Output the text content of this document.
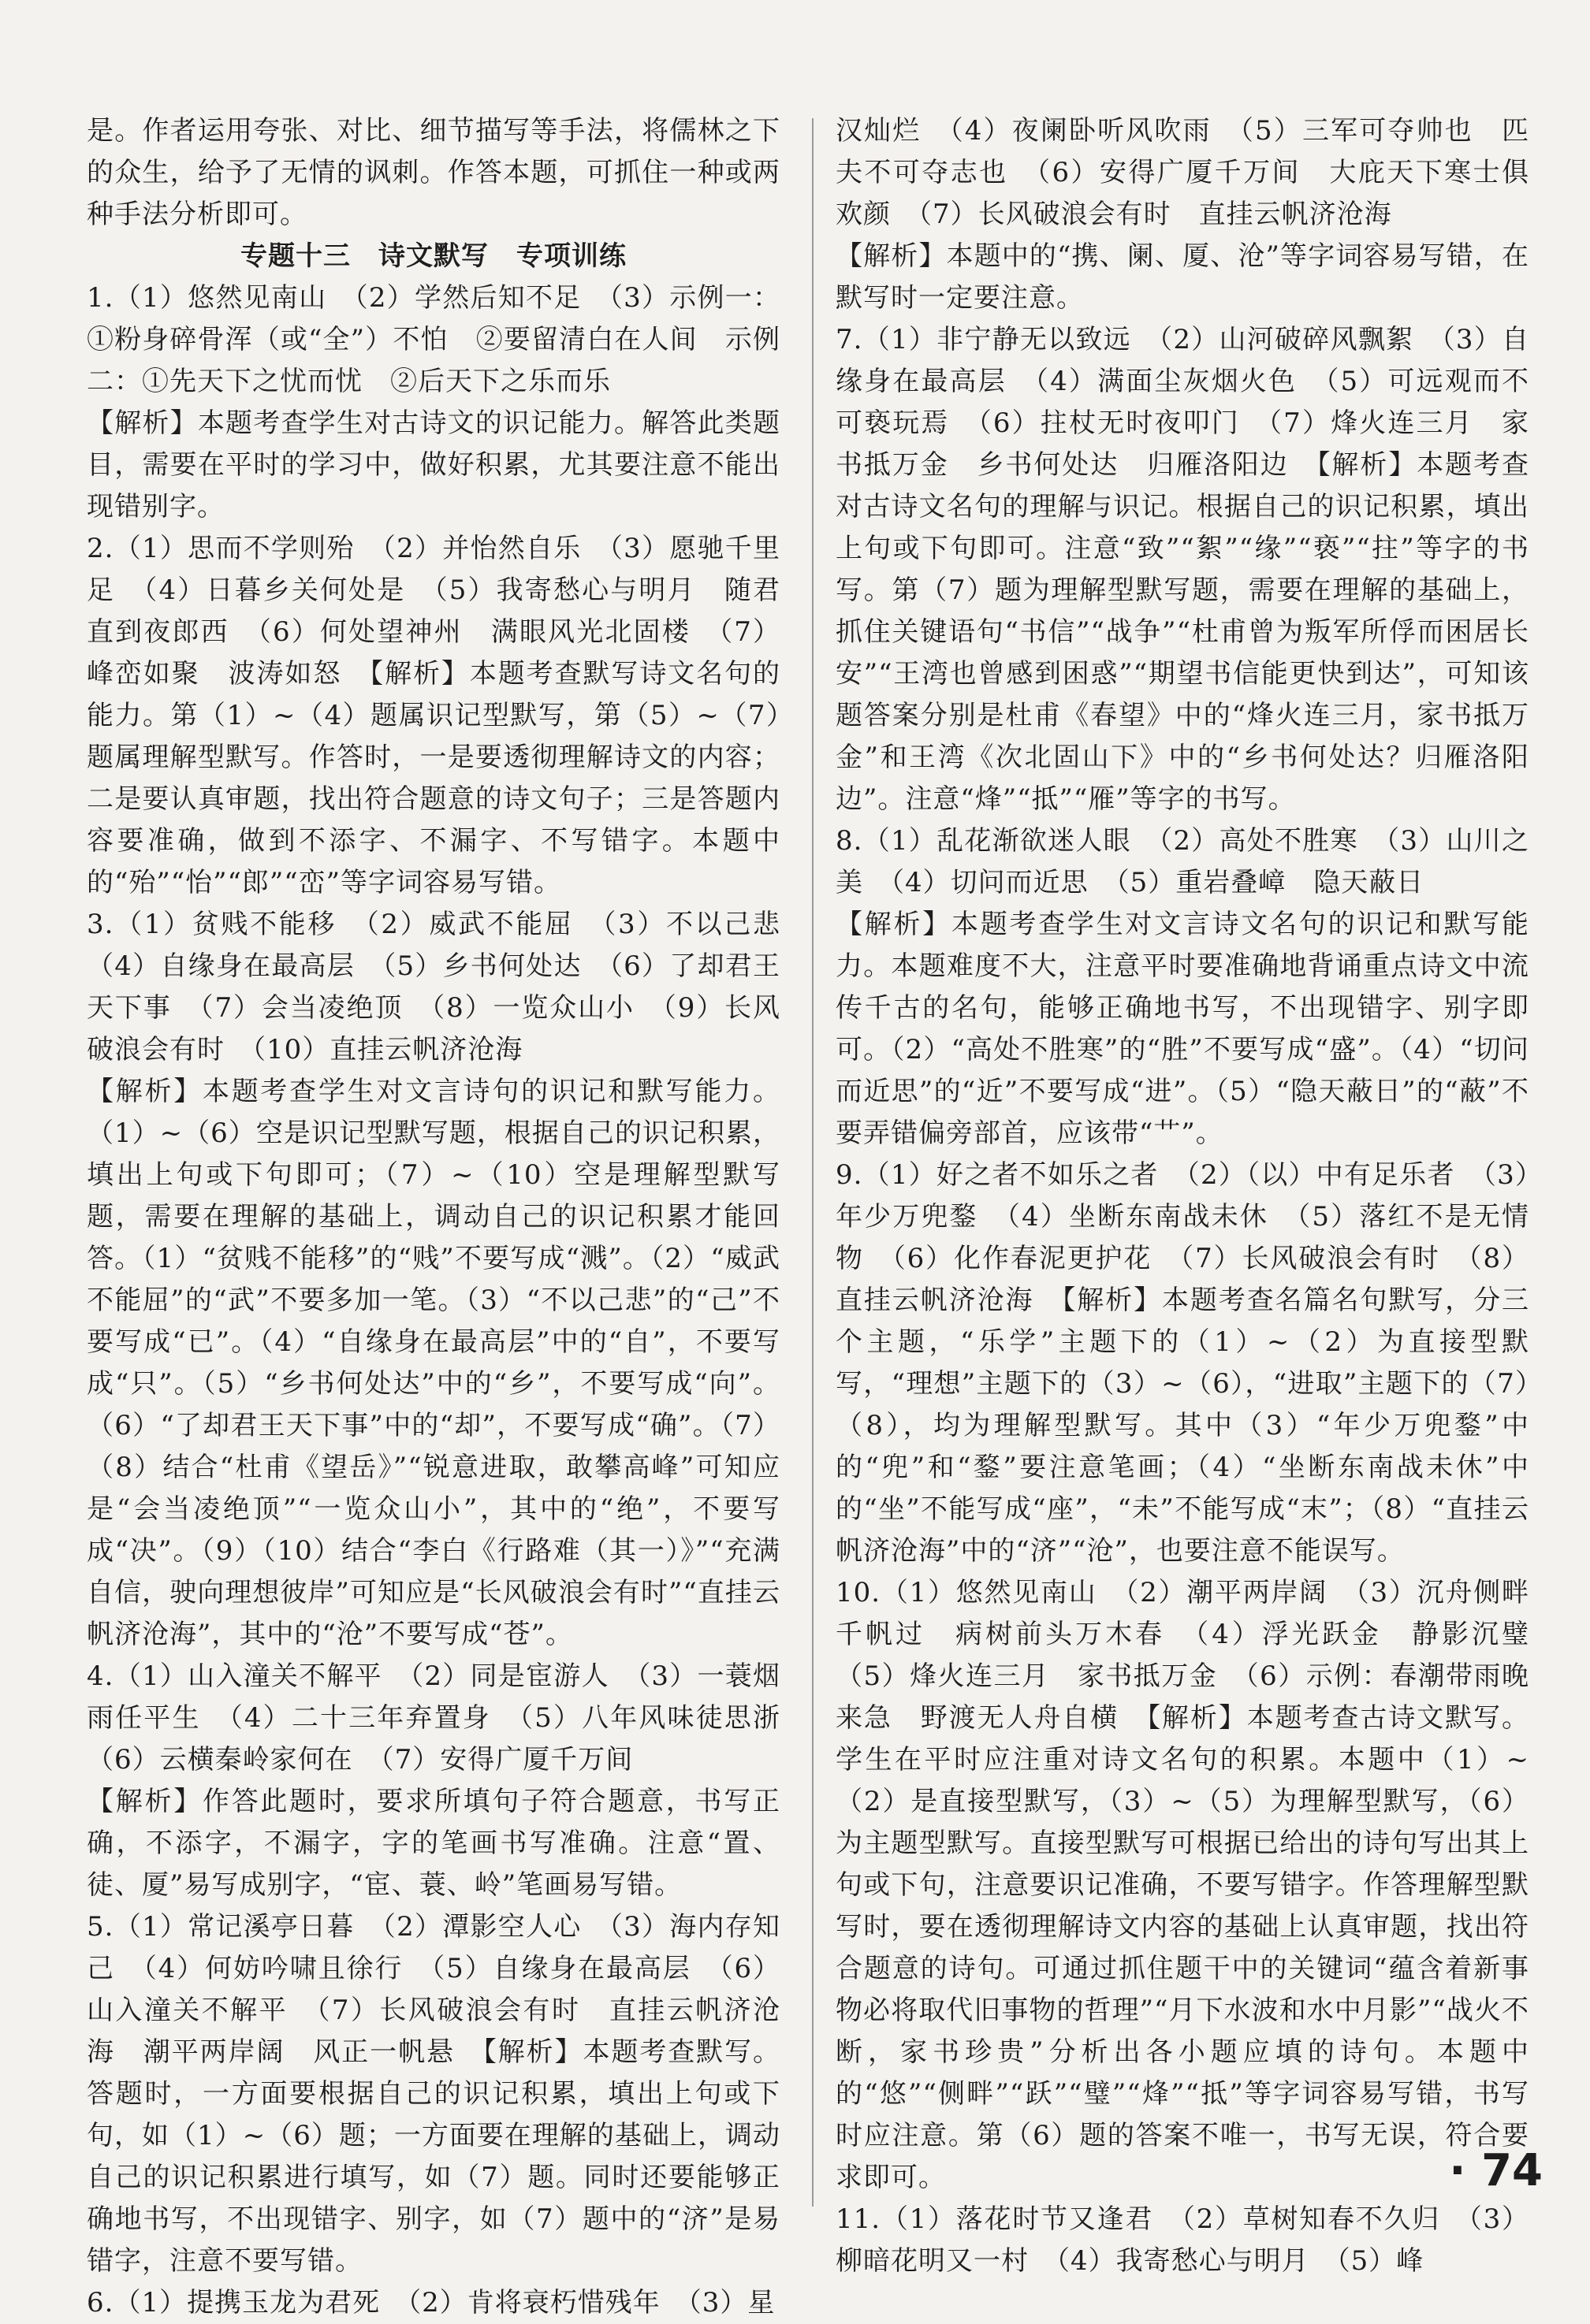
是。作者运用夸张、对比、细节描写等手法，将儒林之下的众生，给予了无情的讽刺。作答本题，可抓住一种或两种手法分析即可。

专题十三　诗文默写　专项训练

1.（1）悠然见南山　（2）学然后知不足　（3）示例一：①粉身碎骨浑（或“全”）不怕　②要留清白在人间　示例二：①先天下之忧而忧　②后天下之乐而乐

【解析】本题考查学生对古诗文的识记能力。解答此类题目，需要在平时的学习中，做好积累，尤其要注意不能出现错别字。

2.（1）思而不学则殆　（2）并怡然自乐　（3）愿驰千里足　（4）日暮乡关何处是　（5）我寄愁心与明月　随君直到夜郎西　（6）何处望神州　满眼风光北固楼　（7）峰峦如聚　波涛如怒　【解析】本题考查默写诗文名句的能力。第（1）~（4）题属识记型默写，第（5）~（7）题属理解型默写。作答时，一是要透彻理解诗文的内容；二是要认真审题，找出符合题意的诗文句子；三是答题内容要准确，做到不添字、不漏字、不写错字。本题中的“殆”“怡”“郎”“峦”等字词容易写错。

3.（1）贫贱不能移　（2）威武不能屈　（3）不以己悲　（4）自缘身在最高层　（5）乡书何处达　（6）了却君王天下事　（7）会当凌绝顶　（8）一览众山小　（9）长风破浪会有时　（10）直挂云帆济沧海

【解析】本题考查学生对文言诗句的识记和默写能力。（1）~（6）空是识记型默写题，根据自己的识记积累，填出上句或下句即可；（7）~（10）空是理解型默写题，需要在理解的基础上，调动自己的识记积累才能回答。（1）“贫贱不能移”的“贱”不要写成“溅”。（2）“威武不能屈”的“武”不要多加一笔。（3）“不以己悲”的“己”不要写成“已”。（4）“自缘身在最高层”中的“自”，不要写成“只”。（5）“乡书何处达”中的“乡”，不要写成“向”。（6）“了却君王天下事”中的“却”，不要写成“确”。（7）（8）结合“杜甫《望岳》”“锐意进取，敢攀高峰”可知应是“会当凌绝顶”“一览众山小”，其中的“绝”，不要写成“决”。（9）（10）结合“李白《行路难（其一）》”“充满自信，驶向理想彼岸”可知应是“长风破浪会有时”“直挂云帆济沧海”，其中的“沧”不要写成“苍”。

4.（1）山入潼关不解平　（2）同是宦游人　（3）一蓑烟雨任平生　（4）二十三年弃置身　（5）八年风味徒思浙　（6）云横秦岭家何在　（7）安得广厦千万间

【解析】作答此题时，要求所填句子符合题意，书写正确，不添字，不漏字，字的笔画书写准确。注意“置、徒、厦”易写成别字，“宦、蓑、岭”笔画易写错。

5.（1）常记溪亭日暮　（2）潭影空人心　（3）海内存知己　（4）何妨吟啸且徐行　（5）自缘身在最高层　（6）山入潼关不解平　（7）长风破浪会有时　直挂云帆济沧海　潮平两岸阔　风正一帆悬　【解析】本题考查默写。答题时，一方面要根据自己的识记积累，填出上句或下句，如（1）~（6）题；一方面要在理解的基础上，调动自己的识记积累进行填写，如（7）题。同时还要能够正确地书写，不出现错字、别字，如（7）题中的“济”是易错字，注意不要写错。

6.（1）提携玉龙为君死　（2）肯将衰朽惜残年　（3）星

汉灿烂　（4）夜阑卧听风吹雨　（5）三军可夺帅也　匹夫不可夺志也　（6）安得广厦千万间　大庇天下寒士俱欢颜　（7）长风破浪会有时　直挂云帆济沧海

【解析】本题中的“携、阑、厦、沧”等字词容易写错，在默写时一定要注意。

7.（1）非宁静无以致远　（2）山河破碎风飘絮　（3）自缘身在最高层　（4）满面尘灰烟火色　（5）可远观而不可亵玩焉　（6）拄杖无时夜叩门　（7）烽火连三月　家书抵万金　乡书何处达　归雁洛阳边　【解析】本题考查对古诗文名句的理解与识记。根据自己的识记积累，填出上句或下句即可。注意“致”“絮”“缘”“亵”“拄”等字的书写。第（7）题为理解型默写题，需要在理解的基础上，抓住关键语句“书信”“战争”“杜甫曾为叛军所俘而困居长安”“王湾也曾感到困惑”“期望书信能更快到达”，可知该题答案分别是杜甫《春望》中的“烽火连三月，家书抵万金”和王湾《次北固山下》中的“乡书何处达？归雁洛阳边”。注意“烽”“抵”“雁”等字的书写。

8.（1）乱花渐欲迷人眼　（2）高处不胜寒　（3）山川之美　（4）切问而近思　（5）重岩叠嶂　隐天蔽日

【解析】本题考查学生对文言诗文名句的识记和默写能力。本题难度不大，注意平时要准确地背诵重点诗文中流传千古的名句，能够正确地书写，不出现错字、别字即可。（2）“高处不胜寒”的“胜”不要写成“盛”。（4）“切问而近思”的“近”不要写成“进”。（5）“隐天蔽日”的“蔽”不要弄错偏旁部首，应该带“艹”。

9.（1）好之者不如乐之者　（2）（以）中有足乐者　（3）年少万兜鍪　（4）坐断东南战未休　（5）落红不是无情物　（6）化作春泥更护花　（7）长风破浪会有时　（8）直挂云帆济沧海　【解析】本题考查名篇名句默写，分三个主题，“乐学”主题下的（1）~（2）为直接型默写，“理想”主题下的（3）~（6），“进取”主题下的（7）（8），均为理解型默写。其中（3）“年少万兜鍪”中的“兜”和“鍪”要注意笔画；（4）“坐断东南战未休”中的“坐”不能写成“座”，“未”不能写成“末”；（8）“直挂云帆济沧海”中的“济”“沧”，也要注意不能误写。

10.（1）悠然见南山　（2）潮平两岸阔　（3）沉舟侧畔千帆过　病树前头万木春　（4）浮光跃金　静影沉璧　（5）烽火连三月　家书抵万金　（6）示例：春潮带雨晚来急　野渡无人舟自横　【解析】本题考查古诗文默写。学生在平时应注重对诗文名句的积累。本题中（1）~（2）是直接型默写，（3）~（5）为理解型默写，（6）为主题型默写。直接型默写可根据已给出的诗句写出其上句或下句，注意要识记准确，不要写错字。作答理解型默写时，要在透彻理解诗文内容的基础上认真审题，找出符合题意的诗句。可通过抓住题干中的关键词“蕴含着新事物必将取代旧事物的哲理”“月下水波和水中月影”“战火不断，家书珍贵”分析出各小题应填的诗句。本题中的“悠”“侧畔”“跃”“璧”“烽”“抵”等字词容易写错，书写时应注意。第（6）题的答案不唯一，书写无误，符合要求即可。

11.（1）落花时节又逢君　（2）草树知春不久归　（3）柳暗花明又一村　（4）我寄愁心与明月　（5）峰

· 74
